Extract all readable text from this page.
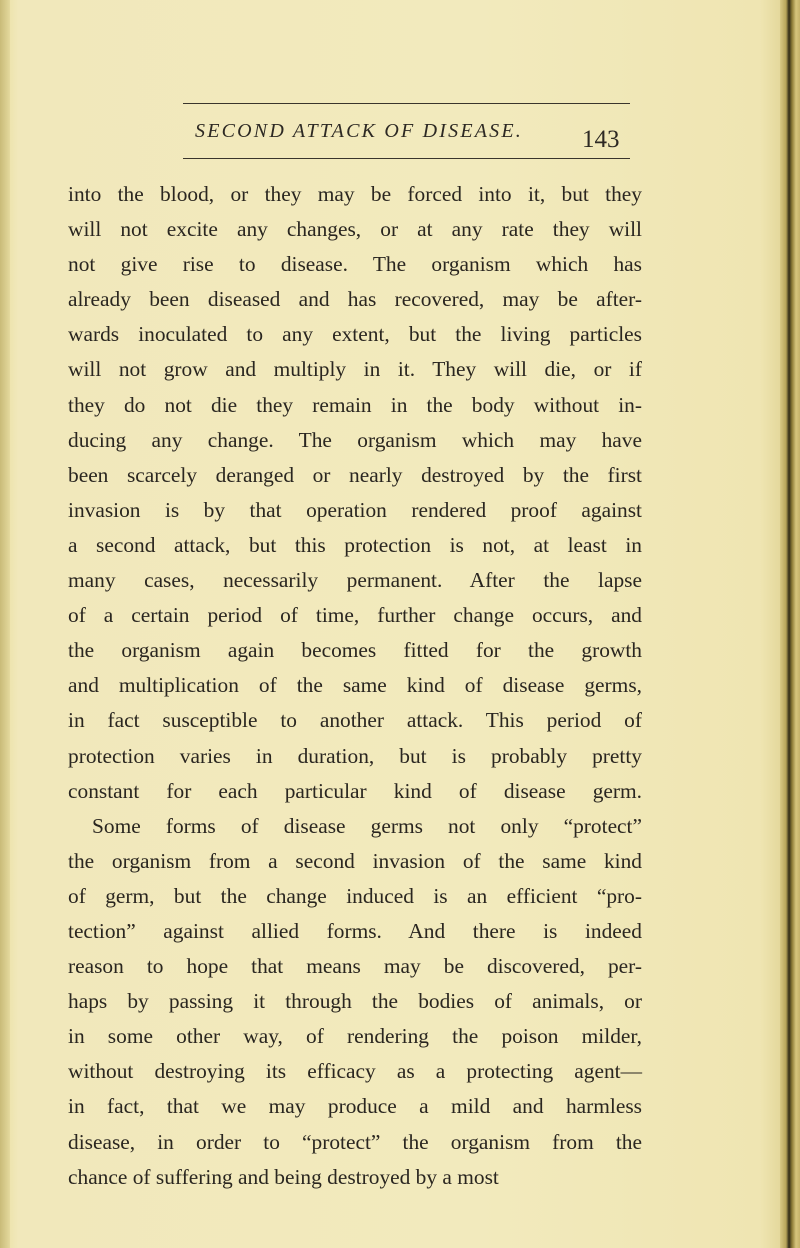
SECOND ATTACK OF DISEASE. 143
into the blood, or they may be forced into it, but they
will not excite any changes, or at any rate they will
not give rise to disease. The organism which has
already been diseased and has recovered, may be after-
wards inoculated to any extent, but the living particles
will not grow and multiply in it. They will die, or if
they do not die they remain in the body without in-
ducing any change. The organism which may have
been scarcely deranged or nearly destroyed by the first
invasion is by that operation rendered proof against
a second attack, but this protection is not, at least in
many cases, necessarily permanent. After the lapse
of a certain period of time, further change occurs, and
the organism again becomes fitted for the growth
and multiplication of the same kind of disease germs,
in fact susceptible to another attack. This period of
protection varies in duration, but is probably pretty
constant for each particular kind of disease germ.
Some forms of disease germs not only “protect”
the organism from a second invasion of the same kind
of germ, but the change induced is an efficient “pro-
tection” against allied forms. And there is indeed
reason to hope that means may be discovered, per-
haps by passing it through the bodies of animals, or
in some other way, of rendering the poison milder,
without destroying its efficacy as a protecting agent—
in fact, that we may produce a mild and harmless
disease, in order to “protect” the organism from the
chance of suffering and being destroyed by a most
